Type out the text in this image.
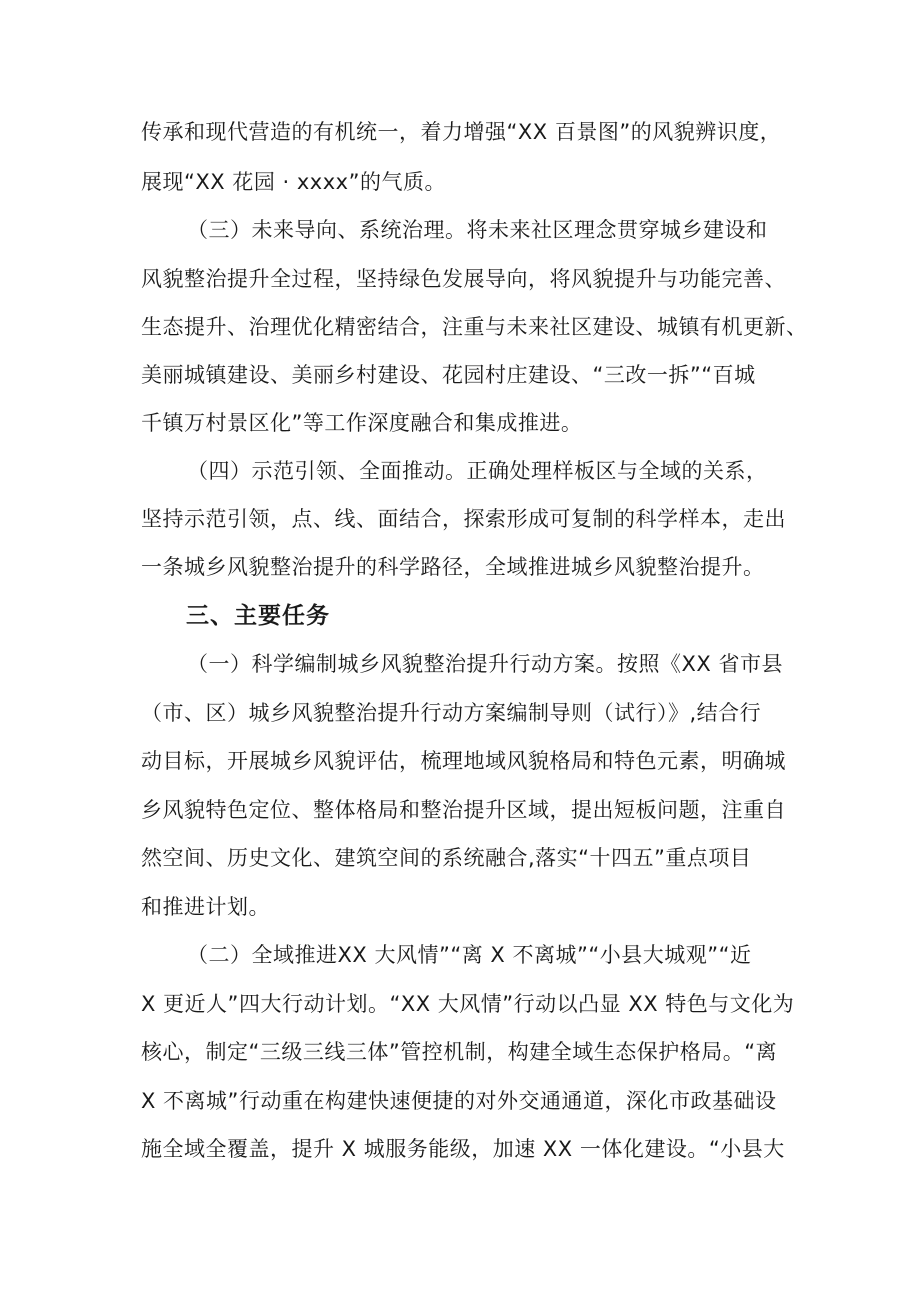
传承和现代营造的有机统一，着力增强“XX 百景图”的风貌辨识度，
展现“XX 花园 · xxxx”的气质。
（三）未来导向、系统治理。将未来社区理念贯穿城乡建设和
风貌整治提升全过程，坚持绿色发展导向，将风貌提升与功能完善、
生态提升、治理优化精密结合，注重与未来社区建设、城镇有机更新、
美丽城镇建设、美丽乡村建设、花园村庄建设、“三改一拆”“百城
千镇万村景区化”等工作深度融合和集成推进。
（四）示范引领、全面推动。正确处理样板区与全域的关系，
坚持示范引领，点、线、面结合，探索形成可复制的科学样本，走出
一条城乡风貌整治提升的科学路径，全域推进城乡风貌整治提升。
三、主要任务
（一）科学编制城乡风貌整治提升行动方案。按照《XX 省市县
（市、区）城乡风貌整治提升行动方案编制导则（试行）》,结合行
动目标，开展城乡风貌评估，梳理地域风貌格局和特色元素，明确城
乡风貌特色定位、整体格局和整治提升区域，提出短板问题，注重自
然空间、历史文化、建筑空间的系统融合,落实“十四五”重点项目
和推进计划。
（二）全域推进XX 大风情”“离 X 不离城”“小县大城观”“近
X 更近人”四大行动计划。“XX 大风情”行动以凸显 XX 特色与文化为
核心，制定“三级三线三体”管控机制，构建全域生态保护格局。“离
X 不离城”行动重在构建快速便捷的对外交通通道，深化市政基础设
施全域全覆盖，提升 X 城服务能级，加速 XX 一体化建设。“小县大
